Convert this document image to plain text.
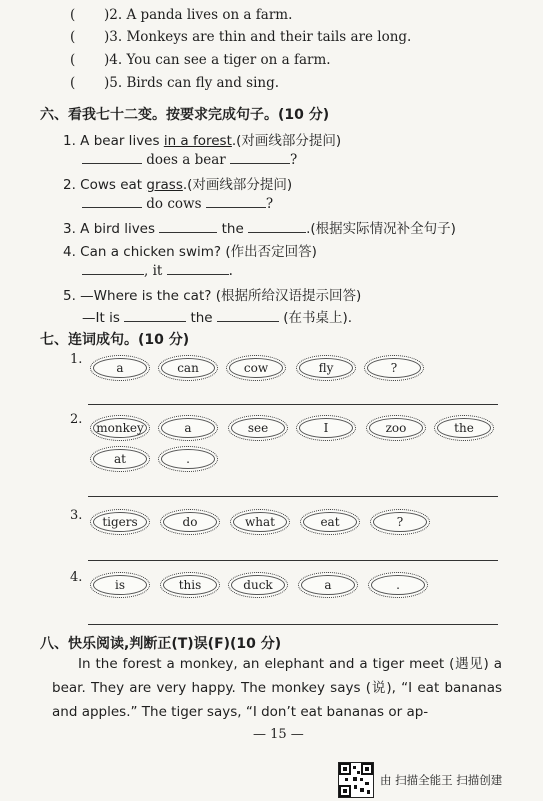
( )2. A panda lives on a farm.
( )3. Monkeys are thin and their tails are long.
( )4. You can see a tiger on a farm.
( )5. Birds can fly and sing.
六、看我七十二变。按要求完成句子。(10 分)
1. A bear lives in a forest.(对画线部分提问)
does a bear	?
2. Cows eat grass.(对画线部分提问)
do cows	?
3. A bird lives	the	.(根据实际情况补全句子)
4. Can a chicken swim? (作出否定回答)
, it	.
5. —Where is the cat? (根据所给汉语提示回答)
—It is	the	(在书桌上).
七、连词成句。(10 分)
1.
a	can	cow	fly	?
2.
monkey	a	see	I	zoo	the
at	.
3. tigers	do	what	eat	?
4.	is	this	duck	a	.
八、快乐阅读,判断正(T)误(F)(10 分)
In the forest a monkey, an elephant and a tiger meet (遇见) a bear. They are very happy. The monkey says (说), “I eat bananas and apples.” The tiger says, “I don’t eat bananas or ap-
— 15 —
由 扫描全能王 扫描创建
